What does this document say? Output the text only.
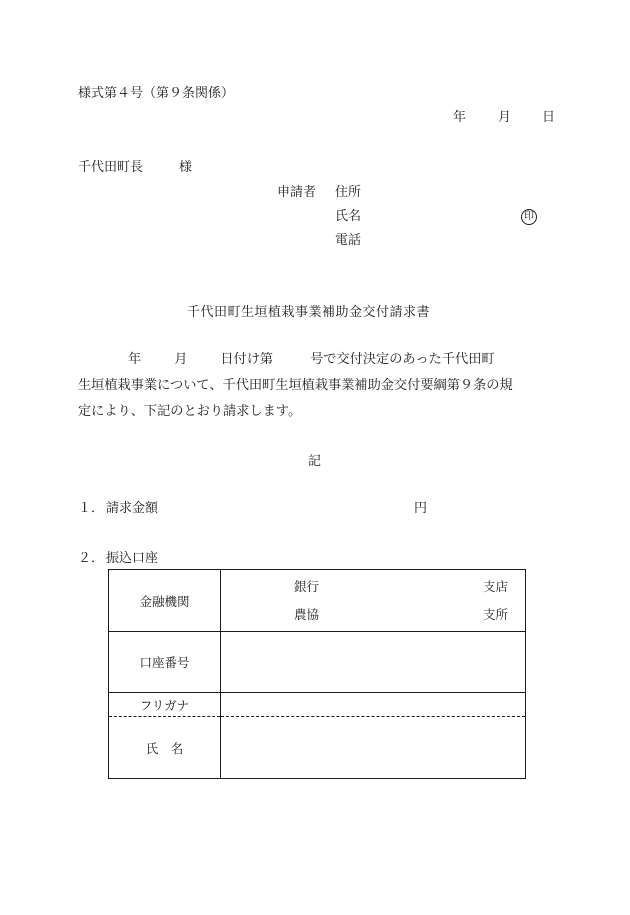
様式第４号（第９条関係）
年 月 日
千代田町長	様
申請者 住所
氏名	印
電話
千代田町生垣植栽事業補助金交付請求書
年	月	日付け第	号で交付決定のあった千代田町
生垣植栽事業について、千代田町生垣植栽事業補助金交付要綱第９条の規
定により、下記のとおり請求します。
記
１． 請求金額	円
２． 振込口座
金融機関	銀行 支店
農協 支所

口座番号	
フリガナ	
氏　名	
